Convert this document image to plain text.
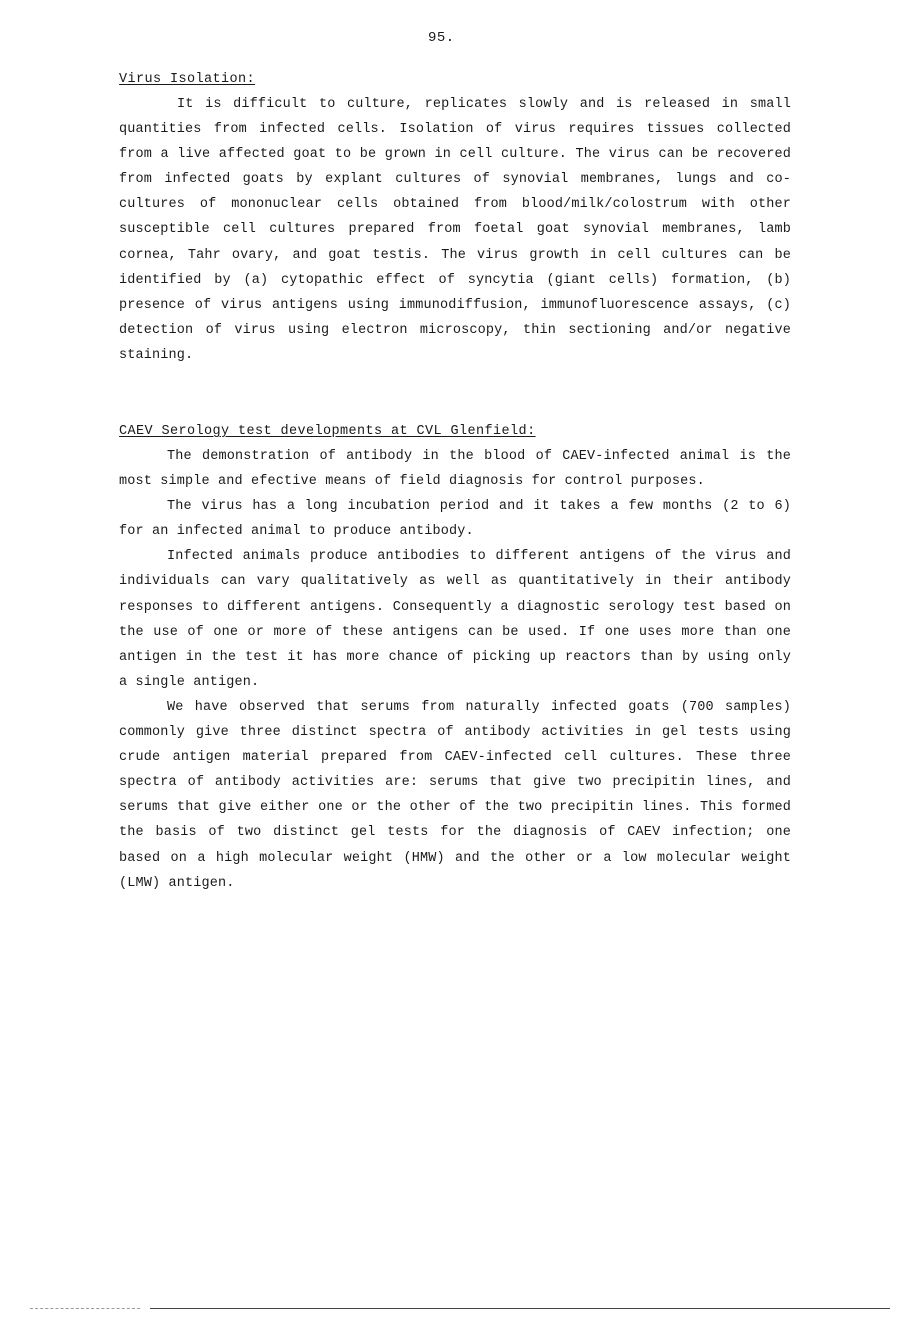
95.
Virus Isolation:

It is difficult to culture, replicates slowly and is released in small quantities from infected cells. Isolation of virus requires tissues collected from a live affected goat to be grown in cell culture. The virus can be recovered from infected goats by explant cultures of synovial membranes, lungs and co-cultures of mononuclear cells obtained from blood/milk/colostrum with other susceptible cell cultures prepared from foetal goat synovial membranes, lamb cornea, Tahr ovary, and goat testis. The virus growth in cell cultures can be identified by (a) cytopathic effect of syncytia (giant cells) formation, (b) presence of virus antigens using immunodiffusion, immunofluorescence assays, (c) detection of virus using electron microscopy, thin sectioning and/or negative staining.

CAEV Serology test developments at CVL Glenfield:

The demonstration of antibody in the blood of CAEV-infected animal is the most simple and efective means of field diagnosis for control purposes.

The virus has a long incubation period and it takes a few months (2 to 6) for an infected animal to produce antibody.

Infected animals produce antibodies to different antigens of the virus and individuals can vary qualitatively as well as quantitatively in their antibody responses to different antigens. Consequently a diagnostic serology test based on the use of one or more of these antigens can be used. If one uses more than one antigen in the test it has more chance of picking up reactors than by using only a single antigen.

We have observed that serums from naturally infected goats (700 samples) commonly give three distinct spectra of antibody activities in gel tests using crude antigen material prepared from CAEV-infected cell cultures. These three spectra of antibody activities are: serums that give two precipitin lines, and serums that give either one or the other of the two precipitin lines. This formed the basis of two distinct gel tests for the diagnosis of CAEV infection; one based on a high molecular weight (HMW) and the other or a low molecular weight (LMW) antigen.
